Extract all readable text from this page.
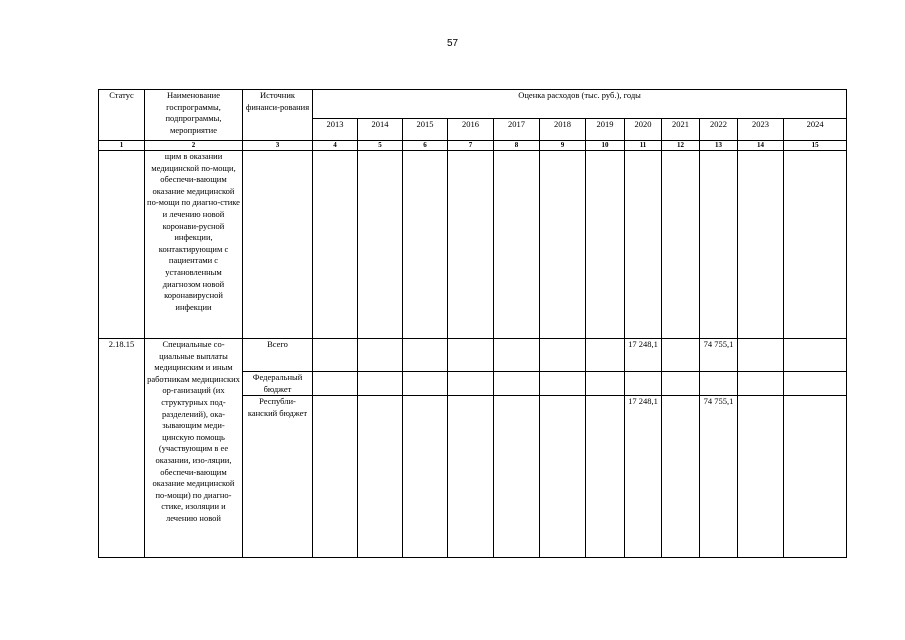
57
Статус	Наименование госпрограммы, подпрограммы, мероприятие	Источник финанси-рования	Оценка расходов (тыс. руб.), годы											
			2013	2014	2015	2016	2017	2018	2019	2020	2021	2022	2023	2024
1	2	3	4	5	6	7	8	9	10	11	12	13	14	15
	щим в оказании медицинской по-мощи, обеспечи-вающим оказание медицинской по-мощи по диагно-стике и лечению новой коронави-русной инфекции, контактирующим с пациентами с установленным диагнозом новой коронавирусной инфекции													
2.18.15	Специальные со-циальные выплаты медицинским и иным работникам медицинских ор-ганизаций (их структурных под-разделений), ока-зывающим меди-цинскую помощь (участвующим в ее оказании, изо-ляции, обеспечи-вающим оказание медицинской по-мощи) по диагно-стике, изоляции и лечению новой	Всего								17 248,1		74 755,1		
		Федеральный бюджет												
		Республи-канский бюджет								17 248,1		74 755,1		
